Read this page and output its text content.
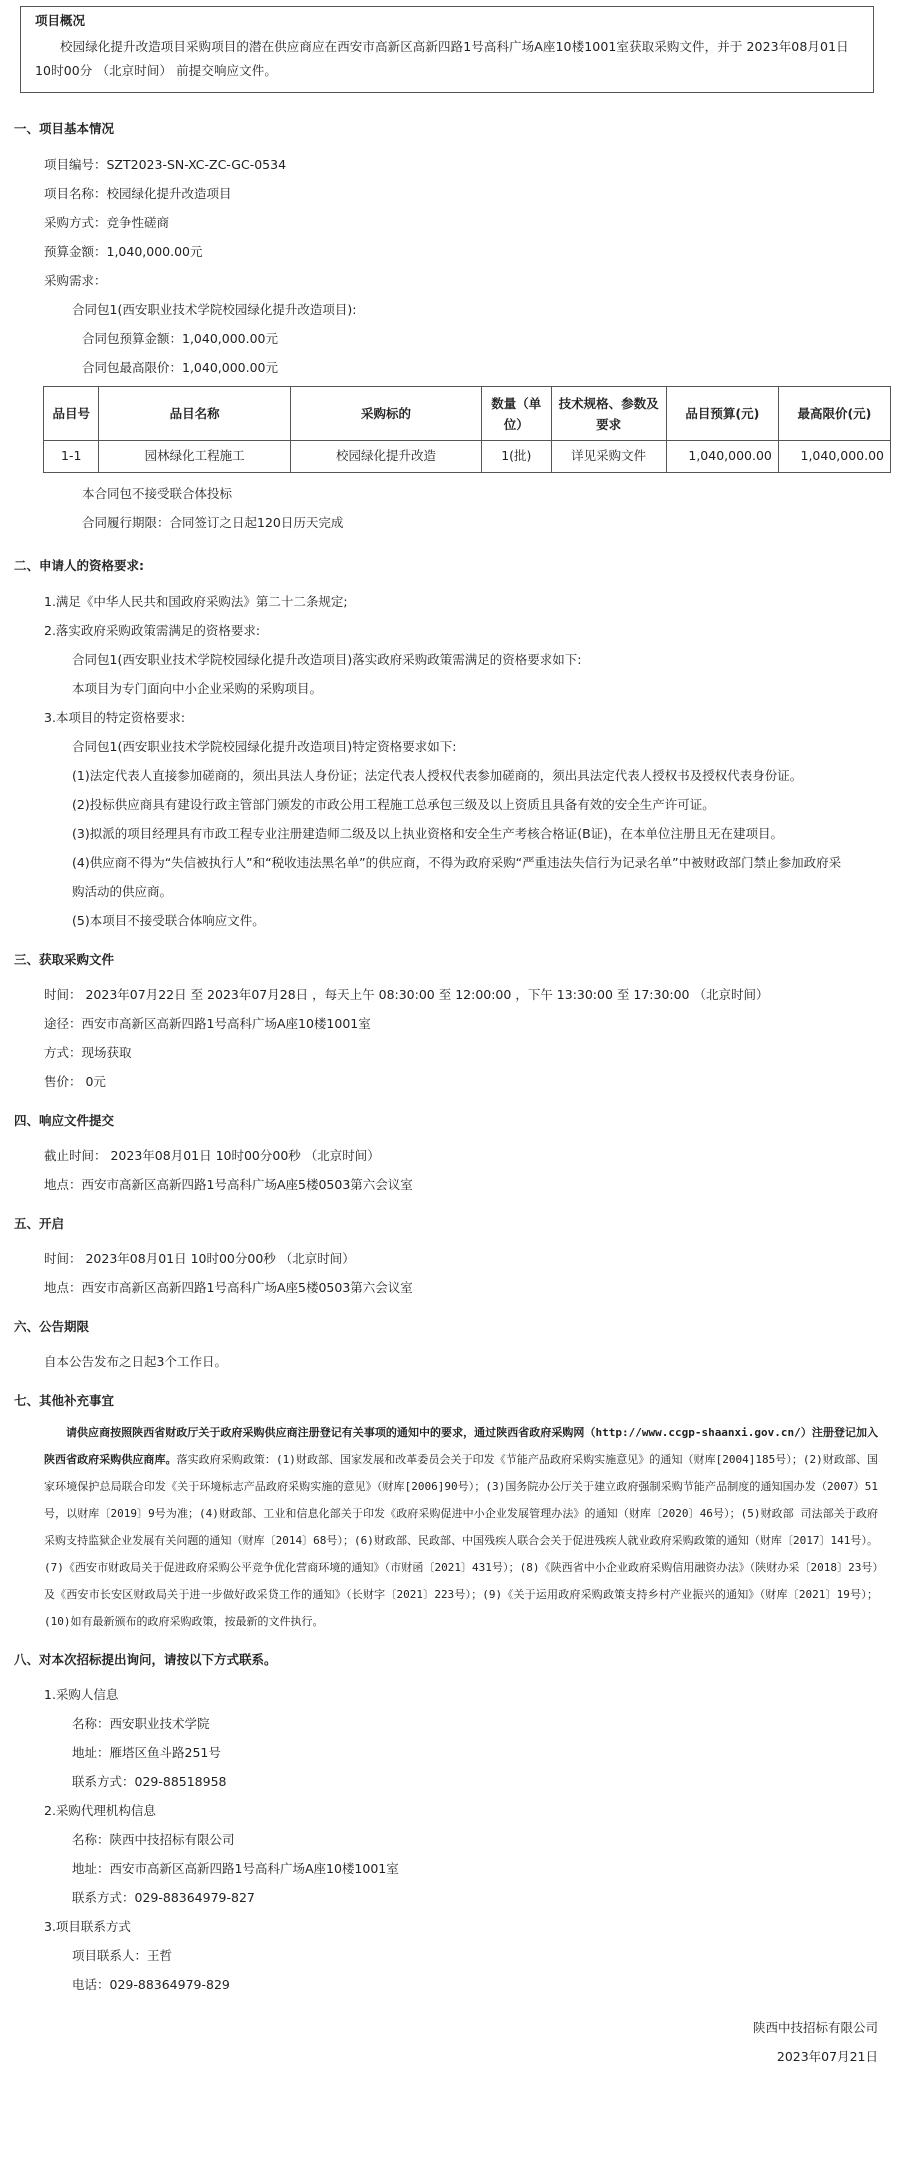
项目概况
校园绿化提升改造项目采购项目的潜在供应商应在西安市高新区高新四路1号高科广场A座10楼1001室获取采购文件，并于 2023年08月01日 10时00分 （北京时间） 前提交响应文件。
一、项目基本情况
项目编号：SZT2023-SN-XC-ZC-GC-0534
项目名称：校园绿化提升改造项目
采购方式：竞争性磋商
预算金额：1,040,000.00元
采购需求：
合同包1(西安职业技术学院校园绿化提升改造项目):
合同包预算金额：1,040,000.00元
合同包最高限价：1,040,000.00元
品目号	品目名称	采购标的	数量（单位）	技术规格、参数及要求	品目预算(元)	最高限价(元)
1-1	园林绿化工程施工	校园绿化提升改造	1(批)	详见采购文件	1,040,000.00	1,040,000.00
本合同包不接受联合体投标
合同履行期限：合同签订之日起120日历天完成
二、申请人的资格要求:
1.满足《中华人民共和国政府采购法》第二十二条规定;
2.落实政府采购政策需满足的资格要求:
合同包1(西安职业技术学院校园绿化提升改造项目)落实政府采购政策需满足的资格要求如下:
本项目为专门面向中小企业采购的采购项目。
3.本项目的特定资格要求:
合同包1(西安职业技术学院校园绿化提升改造项目)特定资格要求如下:
(1)法定代表人直接参加磋商的，须出具法人身份证；法定代表人授权代表参加磋商的，须出具法定代表人授权书及授权代表身份证。
(2)投标供应商具有建设行政主管部门颁发的市政公用工程施工总承包三级及以上资质且具备有效的安全生产许可证。
(3)拟派的项目经理具有市政工程专业注册建造师二级及以上执业资格和安全生产考核合格证(B证)，在本单位注册且无在建项目。
(4)供应商不得为“失信被执行人”和“税收违法黑名单”的供应商，不得为政府采购“严重违法失信行为记录名单”中被财政部门禁止参加政府采
购活动的供应商。
(5)本项目不接受联合体响应文件。
三、获取采购文件
时间： 2023年07月22日 至 2023年07月28日 ，每天上午 08:30:00 至 12:00:00 ，下午 13:30:00 至 17:30:00 （北京时间）
途径：西安市高新区高新四路1号高科广场A座10楼1001室
方式：现场获取
售价： 0元
四、响应文件提交
截止时间： 2023年08月01日 10时00分00秒 （北京时间）
地点：西安市高新区高新四路1号高科广场A座5楼0503第六会议室
五、开启
时间： 2023年08月01日 10时00分00秒 （北京时间）
地点：西安市高新区高新四路1号高科广场A座5楼0503第六会议室
六、公告期限
自本公告发布之日起3个工作日。
七、其他补充事宜
请供应商按照陕西省财政厅关于政府采购供应商注册登记有关事项的通知中的要求，通过陕西省政府采购网（http://www.ccgp-shaanxi.gov.cn/）注册登记加入陕西省政府采购供应商库。落实政府采购政策：(1)财政部、国家发展和改革委员会关于印发《节能产品政府采购实施意见》的通知（财库[2004]185号）；(2)财政部、国家环境保护总局联合印发《关于环境标志产品政府采购实施的意见》（财库[2006]90号）；(3)国务院办公厅关于建立政府强制采购节能产品制度的通知国办发（2007）51号，以财库〔2019〕9号为准；(4)财政部、工业和信息化部关于印发《政府采购促进中小企业发展管理办法》的通知（财库〔2020〕46号）；(5)财政部 司法部关于政府采购支持监狱企业发展有关问题的通知（财库〔2014〕68号）；(6)财政部、民政部、中国残疾人联合会关于促进残疾人就业政府采购政策的通知（财库〔2017〕141号）。(7)《西安市财政局关于促进政府采购公平竞争优化营商环境的通知》（市财函〔2021〕431号）；(8)《陕西省中小企业政府采购信用融资办法》（陕财办采〔2018〕23号）及《西安市长安区财政局关于进一步做好政采贷工作的通知》（长财字〔2021〕223号）；(9)《关于运用政府采购政策支持乡村产业振兴的通知》（财库〔2021〕19号）；(10)如有最新颁布的政府采购政策，按最新的文件执行。
八、对本次招标提出询问，请按以下方式联系。
1.采购人信息
名称：西安职业技术学院
地址：雁塔区鱼斗路251号
联系方式：029-88518958
2.采购代理机构信息
名称：陕西中技招标有限公司
地址：西安市高新区高新四路1号高科广场A座10楼1001室
联系方式：029-88364979-827
3.项目联系方式
项目联系人：王哲
电话：029-88364979-829
陕西中技招标有限公司
2023年07月21日
